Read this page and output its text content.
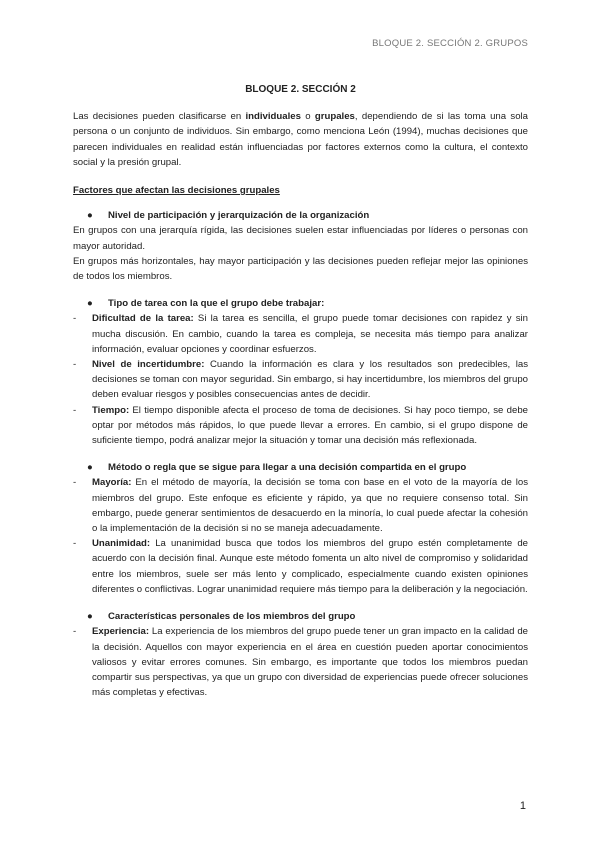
BLOQUE 2. SECCIÓN 2. GRUPOS
BLOQUE 2. SECCIÓN 2

Las decisiones pueden clasificarse en individuales o grupales, dependiendo de si las toma una sola persona o un conjunto de individuos. Sin embargo, como menciona León (1994), muchas decisiones que parecen individuales en realidad están influenciadas por factores externos como la cultura, el contexto social y la presión grupal.

Factores que afectan las decisiones grupales

● Nivel de participación y jerarquización de la organización

En grupos con una jerarquía rígida, las decisiones suelen estar influenciadas por líderes o personas con mayor autoridad.

En grupos más horizontales, hay mayor participación y las decisiones pueden reflejar mejor las opiniones de todos los miembros.

● Tipo de tarea con la que el grupo debe trabajar:

- Dificultad de la tarea: Si la tarea es sencilla, el grupo puede tomar decisiones con rapidez y sin mucha discusión. En cambio, cuando la tarea es compleja, se necesita más tiempo para analizar información, evaluar opciones y coordinar esfuerzos.
- Nivel de incertidumbre: Cuando la información es clara y los resultados son predecibles, las decisiones se toman con mayor seguridad. Sin embargo, si hay incertidumbre, los miembros del grupo deben evaluar riesgos y posibles consecuencias antes de decidir.
- Tiempo: El tiempo disponible afecta el proceso de toma de decisiones. Si hay poco tiempo, se debe optar por métodos más rápidos, lo que puede llevar a errores. En cambio, si el grupo dispone de suficiente tiempo, podrá analizar mejor la situación y tomar una decisión más reflexionada.

● Método o regla que se sigue para llegar a una decisión compartida en el grupo

- Mayoría: En el método de mayoría, la decisión se toma con base en el voto de la mayoría de los miembros del grupo. Este enfoque es eficiente y rápido, ya que no requiere consenso total. Sin embargo, puede generar sentimientos de desacuerdo en la minoría, lo cual puede afectar la cohesión o la implementación de la decisión si no se maneja adecuadamente.
- Unanimidad: La unanimidad busca que todos los miembros del grupo estén completamente de acuerdo con la decisión final. Aunque este método fomenta un alto nivel de compromiso y solidaridad entre los miembros, suele ser más lento y complicado, especialmente cuando existen opiniones diferentes o conflictivas. Lograr unanimidad requiere más tiempo para la deliberación y la negociación.

● Características personales de los miembros del grupo

- Experiencia: La experiencia de los miembros del grupo puede tener un gran impacto en la calidad de la decisión. Aquellos con mayor experiencia en el área en cuestión pueden aportar conocimientos valiosos y evitar errores comunes. Sin embargo, es importante que todos los miembros puedan compartir sus perspectivas, ya que un grupo con diversidad de experiencias puede ofrecer soluciones más completas y efectivas.
1
